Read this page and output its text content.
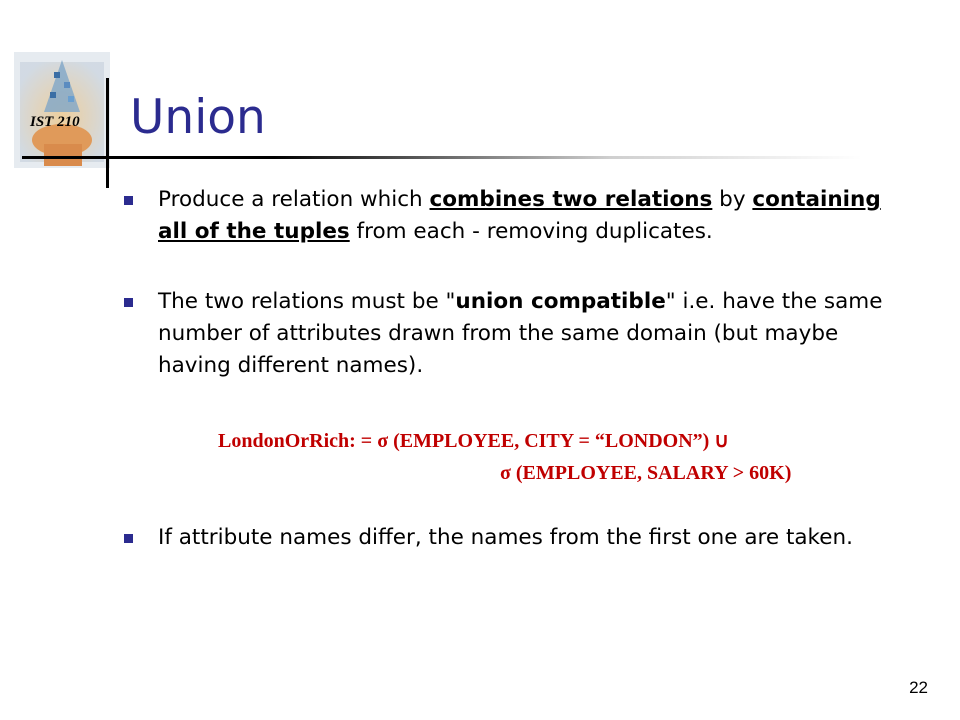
IST 210 Union
Produce a relation which combines two relations by containing all of the tuples from each - removing duplicates.
The two relations must be "union compatible" i.e. have the same number of attributes drawn from the same domain (but maybe having different names).
LondonOrRich: = σ (EMPLOYEE, CITY = “LONDON”) ∪
σ (EMPLOYEE, SALARY > 60K)
If attribute names differ, the names from the first one are taken.
22
